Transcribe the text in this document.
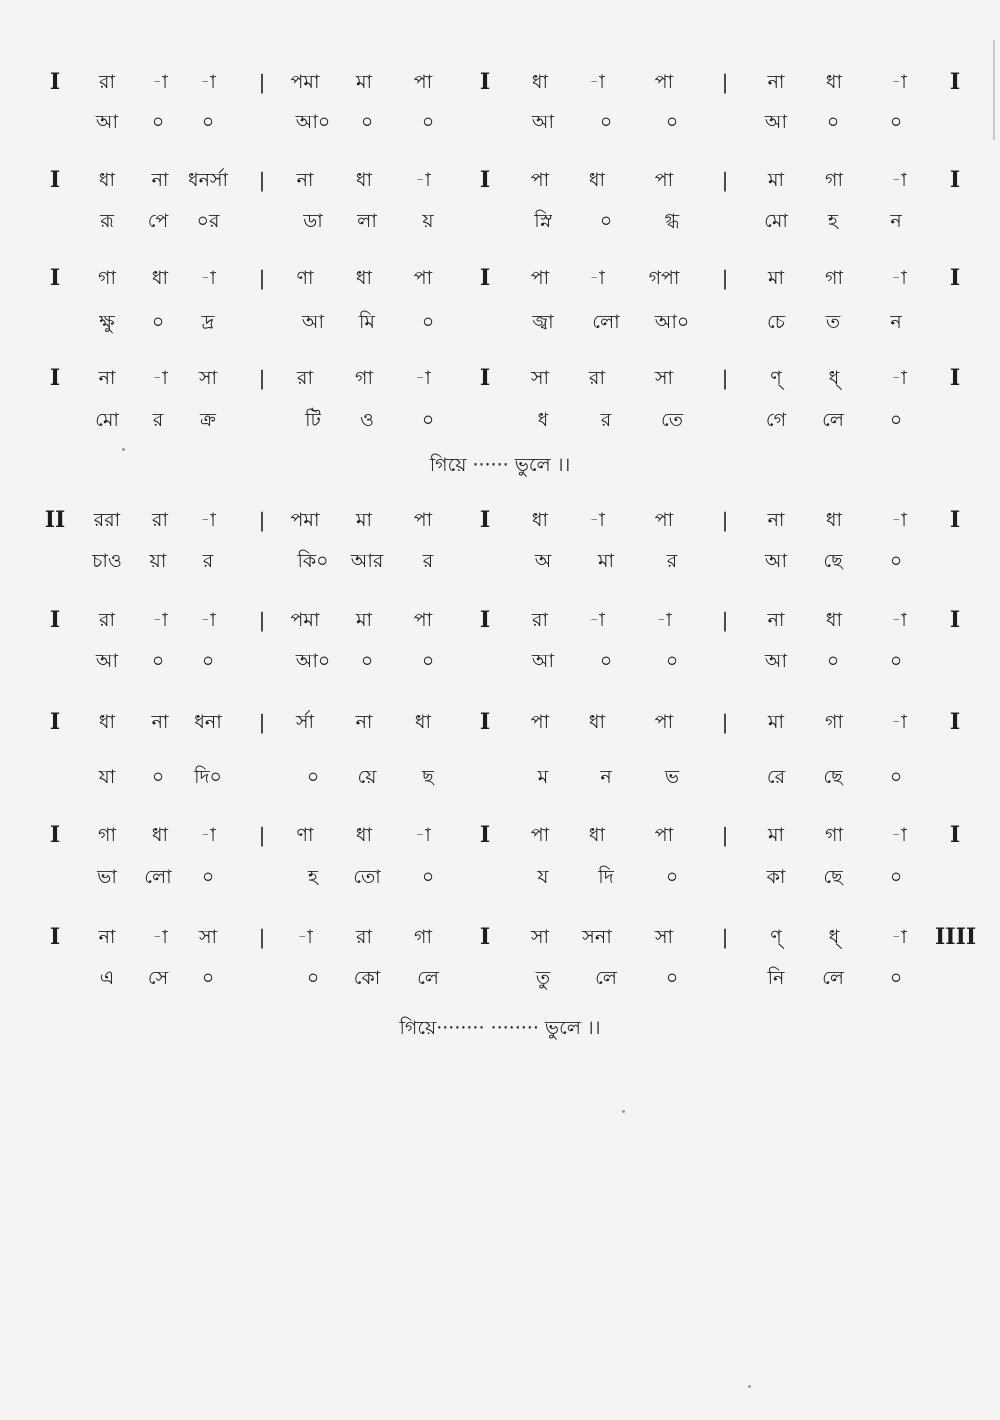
I	রা	-া	-া	|	পমা	মা	পা	I	ধা	-া	পা	|	না	ধা	-া	I
আ	০	০	আ০	০	০	আ	০	০	আ	০	০
I	ধা	না	ধনর্সা	|	না	ধা	-া	I	পা	ধা	পা	|	মা	গা	-া	I
রূ	পে	০র	ডা	লা	য়	স্নি	০	গ্ধ	মো	হ	ন
I	গা	ধা	-া	|	ণা	ধা	পা	I	পা	-া	গপা	|	মা	গা	-া	I
ক্ষু	০	দ্র	আ	মি	০	জ্বা	লো	আ০	চে	ত	ন
I	না	-া	সা	|	রা	গা	-া	I	সা	রা	সা	|	ণ্	ধ্	-া	I
মো	র	ক্র	টি	ও	০	ধ	র	তে	গে	লে	০
গিয়ে ······ ভুলে ।।
II	ররা	রা	-া	|	পমা	মা	পা	I	ধা	-া	পা	|	না	ধা	-া	I
চাও	য়া	র	কি০	আর	র	অ	মা	র	আ	ছে	০
I	রা	-া	-া	|	পমা	মা	পা	I	রা	-া	-া	|	না	ধা	-া	I
আ	০	০	আ০	০	০	আ	০	০	আ	০	০
I	ধা	না	ধনা	|	র্সা	না	ধা	I	পা	ধা	পা	|	মা	গা	-া	I
যা	০	দি০	০	য়ে	ছ	ম	ন	ভ	রে	ছে	০
I	গা	ধা	-া	|	ণা	ধা	-া	I	পা	ধা	পা	|	মা	গা	-া	I
ভা	লো	০	হ	তো	০	য	দি	০	কা	ছে	০
I	না	-া	সা	|	-া	রা	গা	I	সা	সনা	সা	|	ণ্	ধ্	-া	IIII
এ	সে	০	০	কো	লে	তু	লে	০	নি	লে	০
গিয়ে········ ········ ভুলে ।।
